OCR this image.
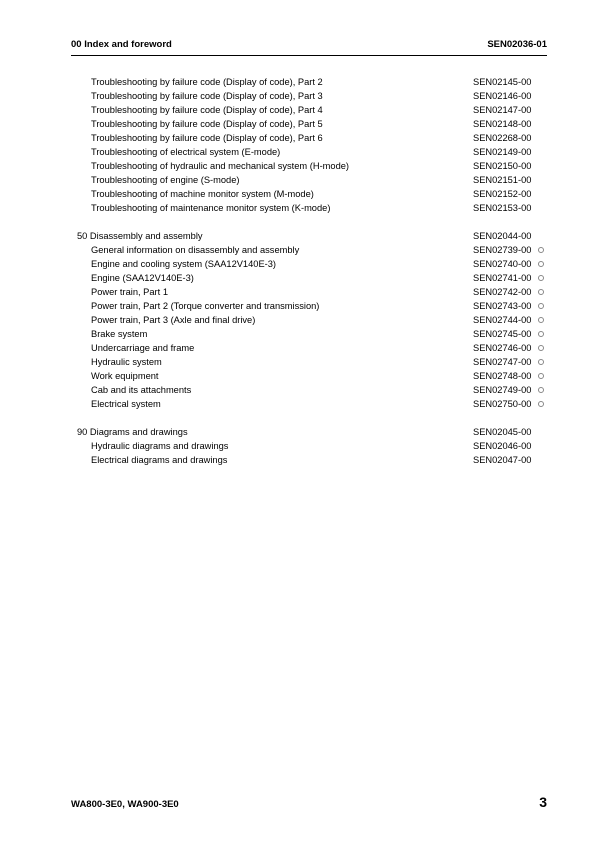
00 Index and foreword	SEN02036-01
Troubleshooting by failure code (Display of code), Part 2	SEN02145-00
Troubleshooting by failure code (Display of code), Part 3	SEN02146-00
Troubleshooting by failure code (Display of code), Part 4	SEN02147-00
Troubleshooting by failure code (Display of code), Part 5	SEN02148-00
Troubleshooting by failure code (Display of code), Part 6	SEN02268-00
Troubleshooting of electrical system (E-mode)	SEN02149-00
Troubleshooting of hydraulic and mechanical system (H-mode)	SEN02150-00
Troubleshooting of engine (S-mode)	SEN02151-00
Troubleshooting of machine monitor system (M-mode)	SEN02152-00
Troubleshooting of maintenance monitor system (K-mode)	SEN02153-00
50 Disassembly and assembly	SEN02044-00
General information on disassembly and assembly	SEN02739-00
Engine and cooling system (SAA12V140E-3)	SEN02740-00
Engine (SAA12V140E-3)	SEN02741-00
Power train, Part 1	SEN02742-00
Power train, Part 2 (Torque converter and transmission)	SEN02743-00
Power train, Part 3 (Axle and final drive)	SEN02744-00
Brake system	SEN02745-00
Undercarriage and frame	SEN02746-00
Hydraulic system	SEN02747-00
Work equipment	SEN02748-00
Cab and its attachments	SEN02749-00
Electrical system	SEN02750-00
90 Diagrams and drawings	SEN02045-00
Hydraulic diagrams and drawings	SEN02046-00
Electrical diagrams and drawings	SEN02047-00
WA800-3E0, WA900-3E0	3
